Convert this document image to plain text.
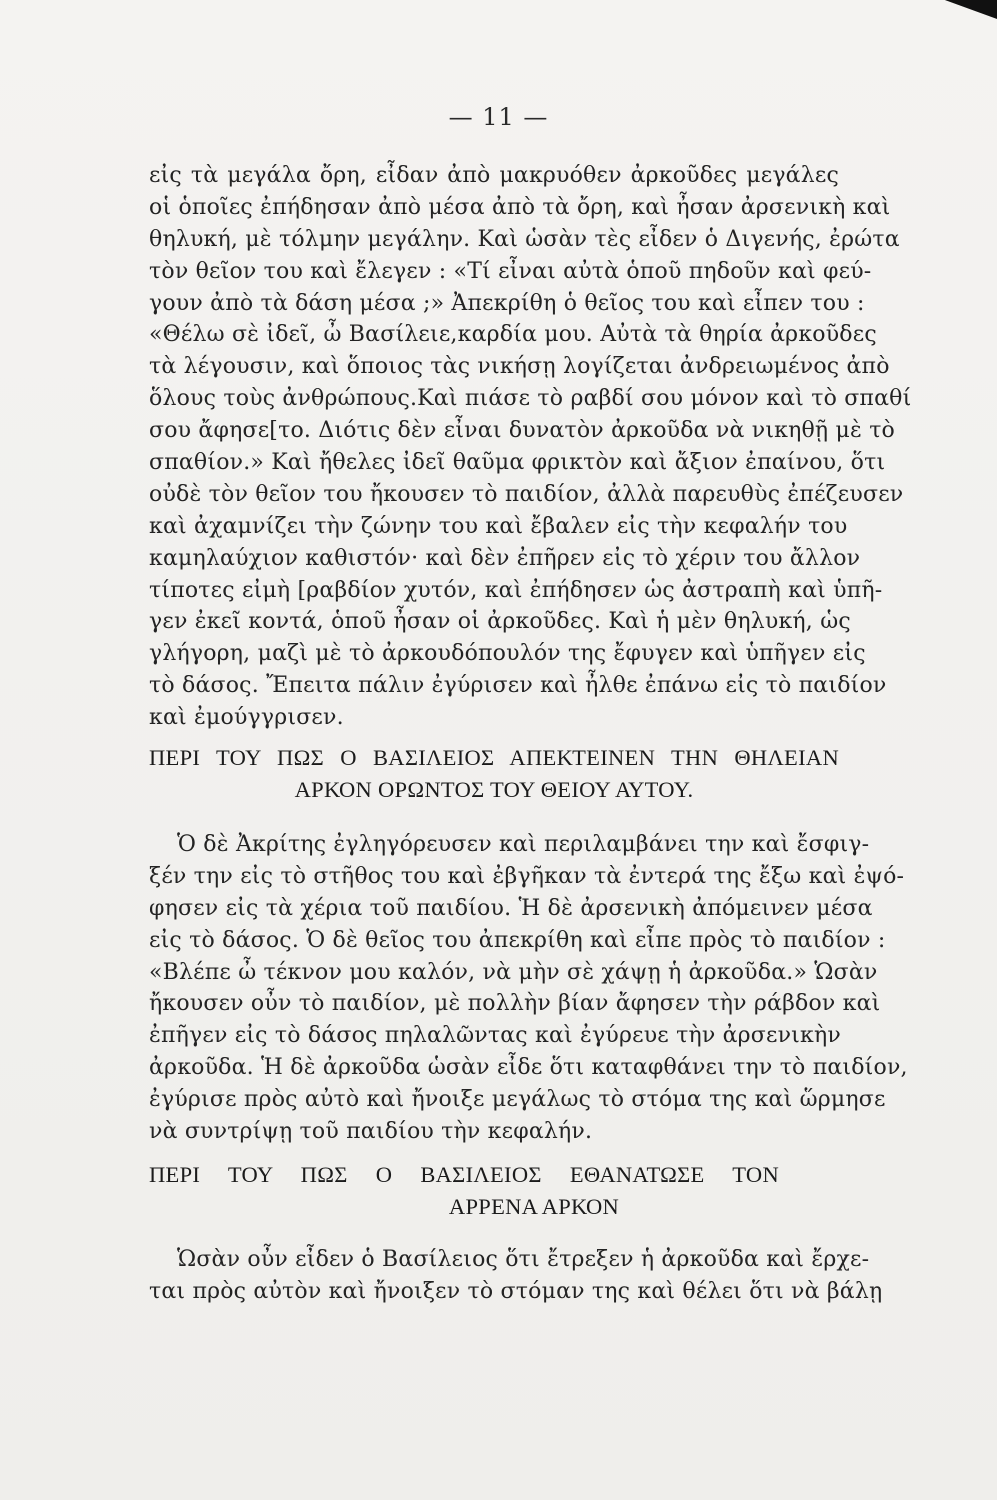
— 11 —
εἰς τὰ μεγάλα ὄρη, εἶδαν ἀπὸ μακρυόθεν ἀρκοῦδες μεγάλες
οἱ ὁποῖες ἐπήδησαν ἀπὸ μέσα ἀπὸ τὰ ὄρη, καὶ ἦσαν ἀρσενικὴ καὶ
θηλυκή, μὲ τόλμην μεγάλην. Καὶ ὡσὰν τὲς εἶδεν ὁ Διγενής, ἐρώτα
τὸν θεῖον του καὶ ἔλεγεν : «Τί εἶναι αὐτὰ ὁποῦ πηδοῦν καὶ φεύ-
γουν ἀπὸ τὰ δάση μέσα ;» Ἀπεκρίθη ὁ θεῖος του καὶ εἶπεν του :
«Θέλω σὲ ἰδεῖ, ὦ Βασίλειε,καρδία μου. Αὐτὰ τὰ θηρία ἀρκοῦδες
τὰ λέγουσιν, καὶ ὅποιος τὰς νικήσῃ λογίζεται ἀνδρειωμένος ἀπὸ
ὅλους τοὺς ἀνθρώπους.Καὶ πιάσε τὸ ραβδί σου μόνον καὶ τὸ σπαθί
σου ἄφησε[το. Διότις δὲν εἶναι δυνατὸν ἀρκοῦδα νὰ νικηθῇ μὲ τὸ
σπαθίον.» Καὶ ἤθελες ἰδεῖ θαῦμα φρικτὸν καὶ ἄξιον ἐπαίνου, ὅτι
οὐδὲ τὸν θεῖον του ἤκουσεν τὸ παιδίον, ἀλλὰ παρευθὺς ἐπέζευσεν
καὶ ἀχαμνίζει τὴν ζώνην του καὶ ἔβαλεν εἰς τὴν κεφαλήν του
καμηλαύχιον καθιστόν· καὶ δὲν ἐπῆρεν εἰς τὸ χέριν του ἄλλον
τίποτες εἰμὴ [ραβδίον χυτόν, καὶ ἐπήδησεν ὡς ἀστραπὴ καὶ ὑπῆ-
γεν ἐκεῖ κοντά, ὁποῦ ἦσαν οἱ ἀρκοῦδες. Καὶ ἡ μὲν θηλυκή, ὡς
γλήγορη, μαζὶ μὲ τὸ ἀρκουδόπουλόν της ἔφυγεν καὶ ὑπῆγεν εἰς
τὸ δάσος. Ἔπειτα πάλιν ἐγύρισεν καὶ ἦλθε ἐπάνω εἰς τὸ παιδίον
καὶ ἐμούγγρισεν.
ΠΕΡΙ ΤΟΥ ΠΩΣ Ο ΒΑΣΙΛΕΙΟΣ ΑΠΕΚΤΕΙΝΕΝ ΤΗΝ ΘΗΛΕΙΑΝ
ΑΡΚΟΝ ΟΡΩΝΤΟΣ ΤΟΥ ΘΕΙΟΥ ΑΥΤΟΥ.
Ὁ δὲ Ἀκρίτης ἐγληγόρευσεν καὶ περιλαμβάνει την καὶ ἔσφιγ-
ξέν την εἰς τὸ στῆθος του καὶ ἐβγῆκαν τὰ ἐντερά της ἔξω καὶ ἐψό-
φησεν εἰς τὰ χέρια τοῦ παιδίου. Ἡ δὲ ἀρσενικὴ ἀπόμεινεν μέσα
εἰς τὸ δάσος. Ὁ δὲ θεῖος του ἀπεκρίθη καὶ εἶπε πρὸς τὸ παιδίον :
«Βλέπε ὦ τέκνον μου καλόν, νὰ μὴν σὲ χάψῃ ἡ ἀρκοῦδα.» Ὡσὰν
ἤκουσεν οὖν τὸ παιδίον, μὲ πολλὴν βίαν ἄφησεν τὴν ράβδον καὶ
ἐπῆγεν εἰς τὸ δάσος πηλαλῶντας καὶ ἐγύρευε τὴν ἀρσενικὴν
ἀρκοῦδα. Ἡ δὲ ἀρκοῦδα ὡσὰν εἶδε ὅτι καταφθάνει την τὸ παιδίον,
ἐγύρισε πρὸς αὐτὸ καὶ ἤνοιξε μεγάλως τὸ στόμα της καὶ ὥρμησε
νὰ συντρίψῃ τοῦ παιδίου τὴν κεφαλήν.
ΠΕΡΙ ΤΟΥ ΠΩΣ Ο ΒΑΣΙΛΕΙΟΣ ΕΘΑΝΑΤΩΣΕ ΤΟΝ
ΑΡΡΕΝΑ ΑΡΚΟΝ
Ὡσὰν οὖν εἶδεν ὁ Βασίλειος ὅτι ἔτρεξεν ἡ ἀρκοῦδα καὶ ἔρχε-
ται πρὸς αὐτὸν καὶ ἤνοιξεν τὸ στόμαν της καὶ θέλει ὅτι νὰ βάλῃ
